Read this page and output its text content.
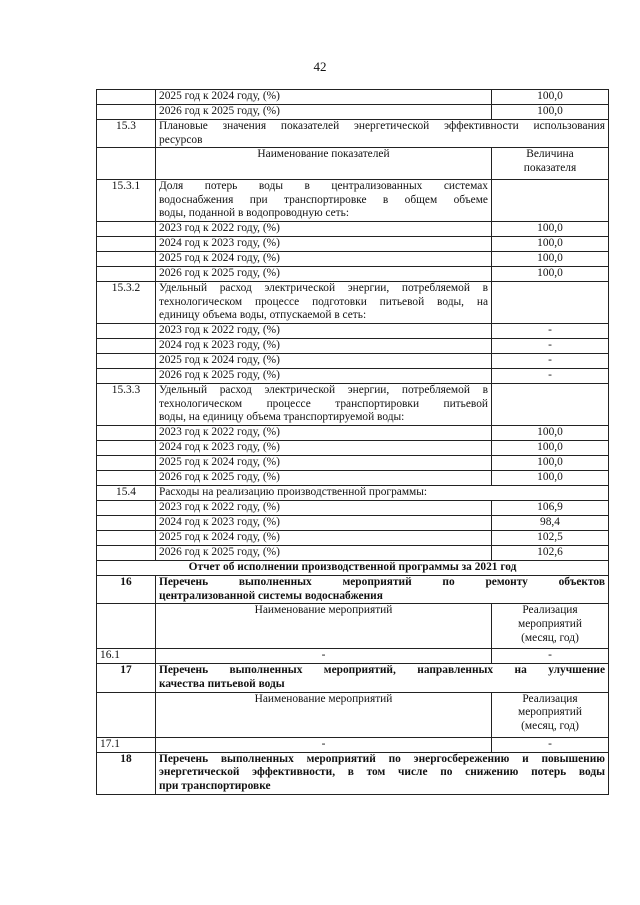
42
	2025 год к 2024 году, (%)	100,0
	2026 год к 2025 году, (%)	100,0
15.3	Плановые значения показателей энергетической эффективности использования
ресурсов	

	Наименование показателей	Величина
показателя

15.3.1	Доля потерь воды в централизованных системах
водоснабжения при транспортировке в общем объеме
воды, поданной в водопроводную сеть:	

	2023 год к 2022 году, (%)	100,0
	2024 год к 2023 году, (%)	100,0
	2025 год к 2024 году, (%)	100,0
	2026 год к 2025 году, (%)	100,0
15.3.2	Удельный расход электрической энергии, потребляемой в
технологическом процессе подготовки питьевой воды, на
единицу объема воды, отпускаемой в сеть:	

	2023 год к 2022 году, (%)	-
	2024 год к 2023 году, (%)	-
	2025 год к 2024 году, (%)	-
	2026 год к 2025 году, (%)	-
15.3.3	Удельный расход электрической энергии, потребляемой в
технологическом процессе транспортировки питьевой
воды, на единицу объема транспортируемой воды:	

	2023 год к 2022 году, (%)	100,0
	2024 год к 2023 году, (%)	100,0
	2025 год к 2024 году, (%)	100,0
	2026 год к 2025 году, (%)	100,0
15.4	Расходы на реализацию производственной программы:	
	2023 год к 2022 году, (%)	106,9
	2024 год к 2023 году, (%)	98,4
	2025 год к 2024 году, (%)	102,5
	2026 год к 2025 году, (%)	102,6
Отчет об исполнении производственной программы за 2021 год		
16	Перечень выполненных мероприятий по ремонту объектов
централизованной системы водоснабжения	

	Наименование мероприятий	Реализация
мероприятий
(месяц, год)

16.1	-	-
17	Перечень выполненных мероприятий, направленных на улучшение
качества питьевой воды	

	Наименование мероприятий	Реализация
мероприятий
(месяц, год)

17.1	-	-
18	Перечень выполненных мероприятий по энергосбережению и повышению
энергетической эффективности, в том числе по снижению потерь воды
при транспортировке	
